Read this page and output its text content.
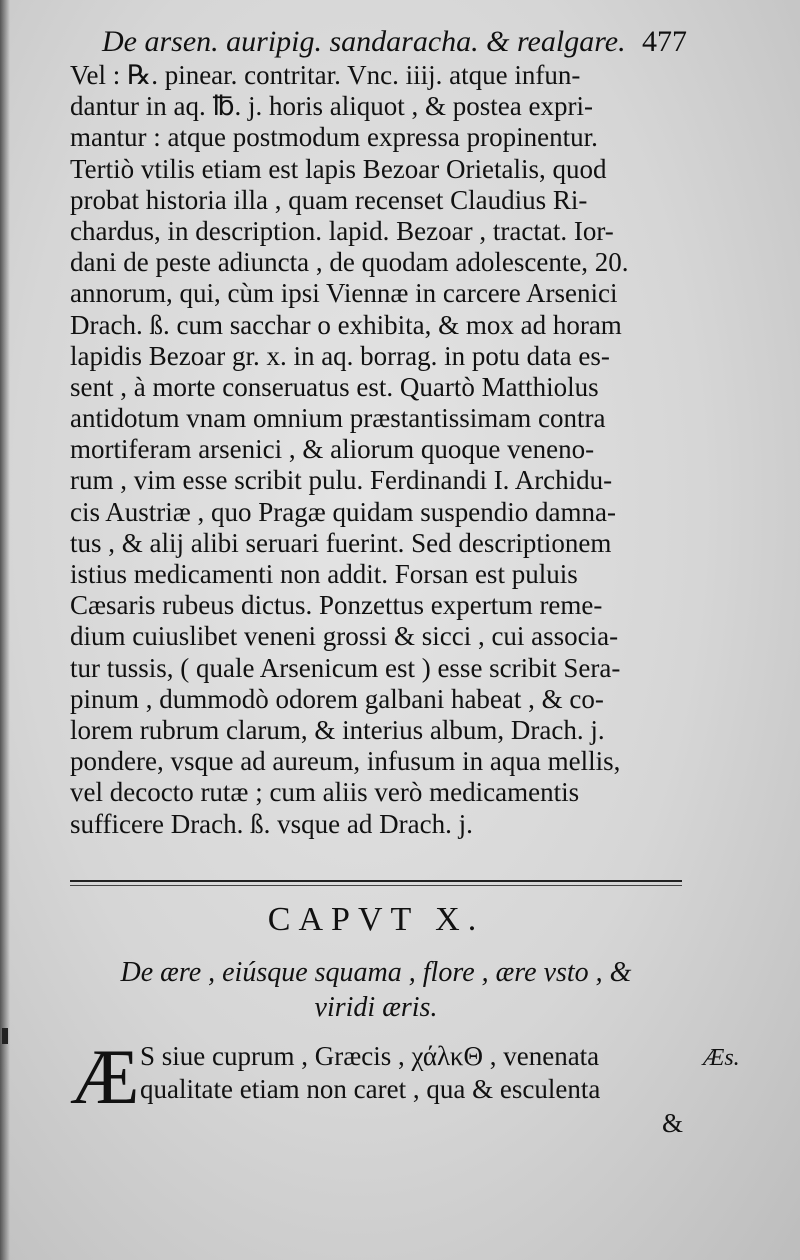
De arsen. auripig. sandaracha. & realgare. 477
Vel : ℞. pinear. contritar. Vnc. iiij. atque infun-
dantur in aq. ℔. j. horis aliquot , & postea expri-
mantur : atque postmodum expressa propinentur.
Tertiò vtilis etiam est lapis Bezoar Orietalis, quod
probat historia illa , quam recenset Claudius Ri-
chardus, in description. lapid. Bezoar , tractat. Ior-
dani de peste adiuncta , de quodam adolescente, 20.
annorum, qui, cùm ipsi Viennæ in carcere Arsenici
Drach. ß. cum sacchar o exhibita, & mox ad horam
lapidis Bezoar gr. x. in aq. borrag. in potu data es-
sent , à morte conseruatus est. Quartò Matthiolus
antidotum vnam omnium præstantissimam contra
mortiferam arsenici , & aliorum quoque veneno-
rum , vim esse scribit pulu. Ferdinandi I. Archidu-
cis Austriæ , quo Pragæ quidam suspendio damna-
tus , & alij alibi seruari fuerint. Sed descriptionem
istius medicamenti non addit. Forsan est puluis
Cæsaris rubeus dictus. Ponzettus expertum reme-
dium cuiuslibet veneni grossi & sicci , cui associa-
tur tussis, ( quale Arsenicum est ) esse scribit Sera-
pinum , dummodò odorem galbani habeat , & co-
lorem rubrum clarum, & interius album, Drach. j.
pondere, vsque ad aureum, infusum in aqua mellis,
vel decocto rutæ ; cum aliis verò medicamentis
sufficere Drach. ß. vsque ad Drach. j.
CAPVT X.
De ære , eiúsque squama , flore , ære vsto , &
viridi æris.
Æ S siue cuprum , Græcis , χάλκΘ , venenata
qualitate etiam non caret , qua & esculenta
Æs.
&
